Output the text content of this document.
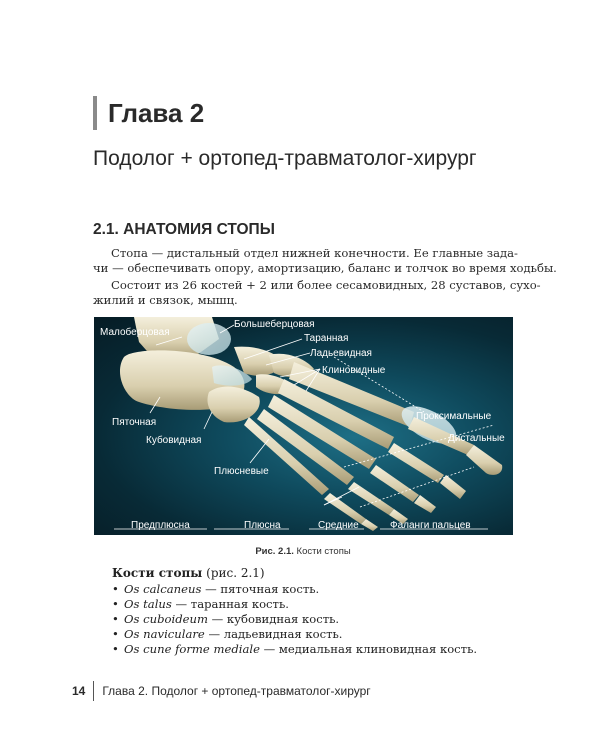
Глава 2
Подолог + ортопед-травматолог-хирург
2.1. АНАТОМИЯ СТОПЫ
Стопа — дистальный отдел нижней конечности. Ее главные зада-
чи — обеспечивать опору, амортизацию, баланс и толчок во время ходьбы.
Состоит из 26 костей + 2 или более сесамовидных, 28 суставов, сухо-
жилий и связок, мышц.
Малоберцовая
Большеберцовая
Таранная
Ладьевидная
Клиновидные
Пяточная
Кубовидная
Проксимальные
Дистальные
Плюсневые
Предплюсна	Плюсна	Средние	Фаланги пальцев
Рис. 2.1. Кости стопы
Кости стопы (рис. 2.1)
• Os calcaneus — пяточная кость.
• Os talus — таранная кость.
• Os cuboideum — кубовидная кость.
• Os naviculare — ладьевидная кость.
• Os cune forme mediale — медиальная клиновидная кость.
14	Глава 2. Подолог + ортопед-травматолог-хирург
